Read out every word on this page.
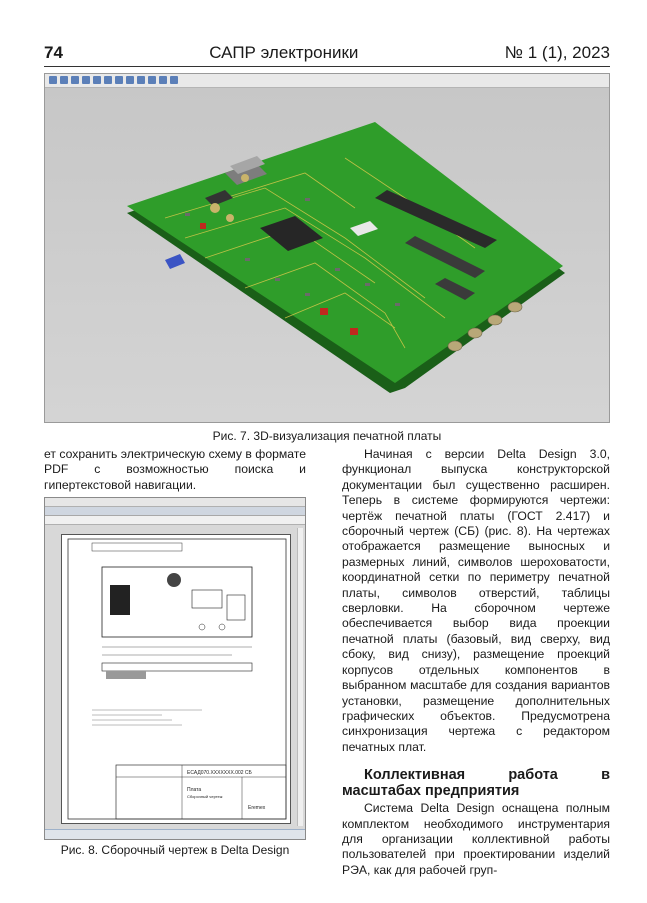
74	САПР электроники	№ 1 (1), 2023
Рис. 7. 3D-визуализация печатной платы

ет сохранить электрическую схему в формате PDF с возможностью поиска и гипертекстовой навигации.

ЕСАД070.XXXXXXX.002 СБ
Плата
Сборочный чертеж
Eremex
Рис. 8. Сборочный чертеж в Delta Design

Начиная с версии Delta Design 3.0, функционал выпуска конструкторской документации был существенно расширен. Теперь в системе формируются чертежи: чертёж печатной платы (ГОСТ 2.417) и сборочный чертеж (СБ) (рис. 8). На чертежах отображается размещение выносных и размерных линий, символов шероховатости, координатной сетки по периметру печатной платы, символов отверстий, таблицы сверловки. На сборочном чертеже обеспечивается выбор вида проекции печатной платы (базовый, вид сверху, вид сбоку, вид снизу), размещение проекций корпусов отдельных компонентов в выбранном масштабе для создания вариантов установки, размещение дополнительных графических объектов. Предусмотрена синхронизация чертежа с редактором печатных плат.

Коллективная работа в масштабах предприятия

Система Delta Design оснащена полным комплектом необходимого инструментария для организации коллективной работы пользователей при проектировании изделий РЭА, как для рабочей груп-
